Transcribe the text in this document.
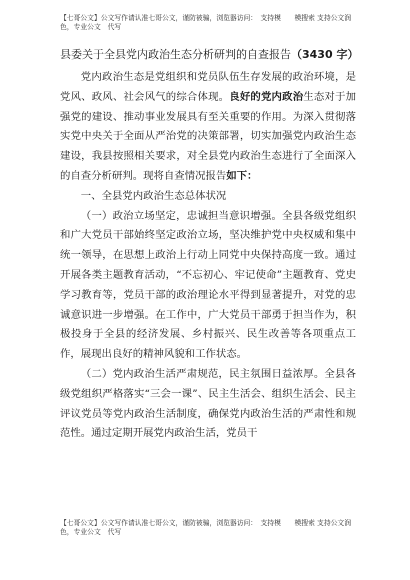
【七哥公文】公文写作请认准七哥公文，谨防被骗，浏览器访问：　支持模　　模搜索 支持公文润色，专业公文　代写
县委关于全县党内政治生态分析研判的自查报告（3430 字）

党内政治生态是党组织和党员队伍生存发展的政治环境，是党风、政风、社会风气的综合体现。良好的党内政治生态对于加强党的建设、推动事业发展具有至关重要的作用。为深入贯彻落实党中央关于全面从严治党的决策部署，切实加强党内政治生态建设，我县按照相关要求，对全县党内政治生态进行了全面深入的自查分析研判。现将自查情况报告如下：

一、全县党内政治生态总体状况

（一）政治立场坚定，忠诚担当意识增强。全县各级党组织和广大党员干部始终坚定政治立场，坚决维护党中央权威和集中统一领导，在思想上政治上行动上同党中央保持高度一致。通过开展各类主题教育活动，“不忘初心、牢记使命”主题教育、党史学习教育等，党员干部的政治理论水平得到显著提升，对党的忠诚意识进一步增强。在工作中，广大党员干部勇于担当作为，积极投身于全县的经济发展、乡村振兴、民生改善等各项重点工作，展现出良好的精神风貌和工作状态。

（二）党内政治生活严肃规范，民主氛围日益浓厚。全县各级党组织严格落实“三会一课”、民主生活会、组织生活会、民主评议党员等党内政治生活制度，确保党内政治生活的严肃性和规范性。通过定期开展党内政治生活，党员干

【七哥公文】公文写作请认准七哥公文，谨防被骗，浏览器访问：　支持模　　模搜索 支持公文润色，专业公文　代写
